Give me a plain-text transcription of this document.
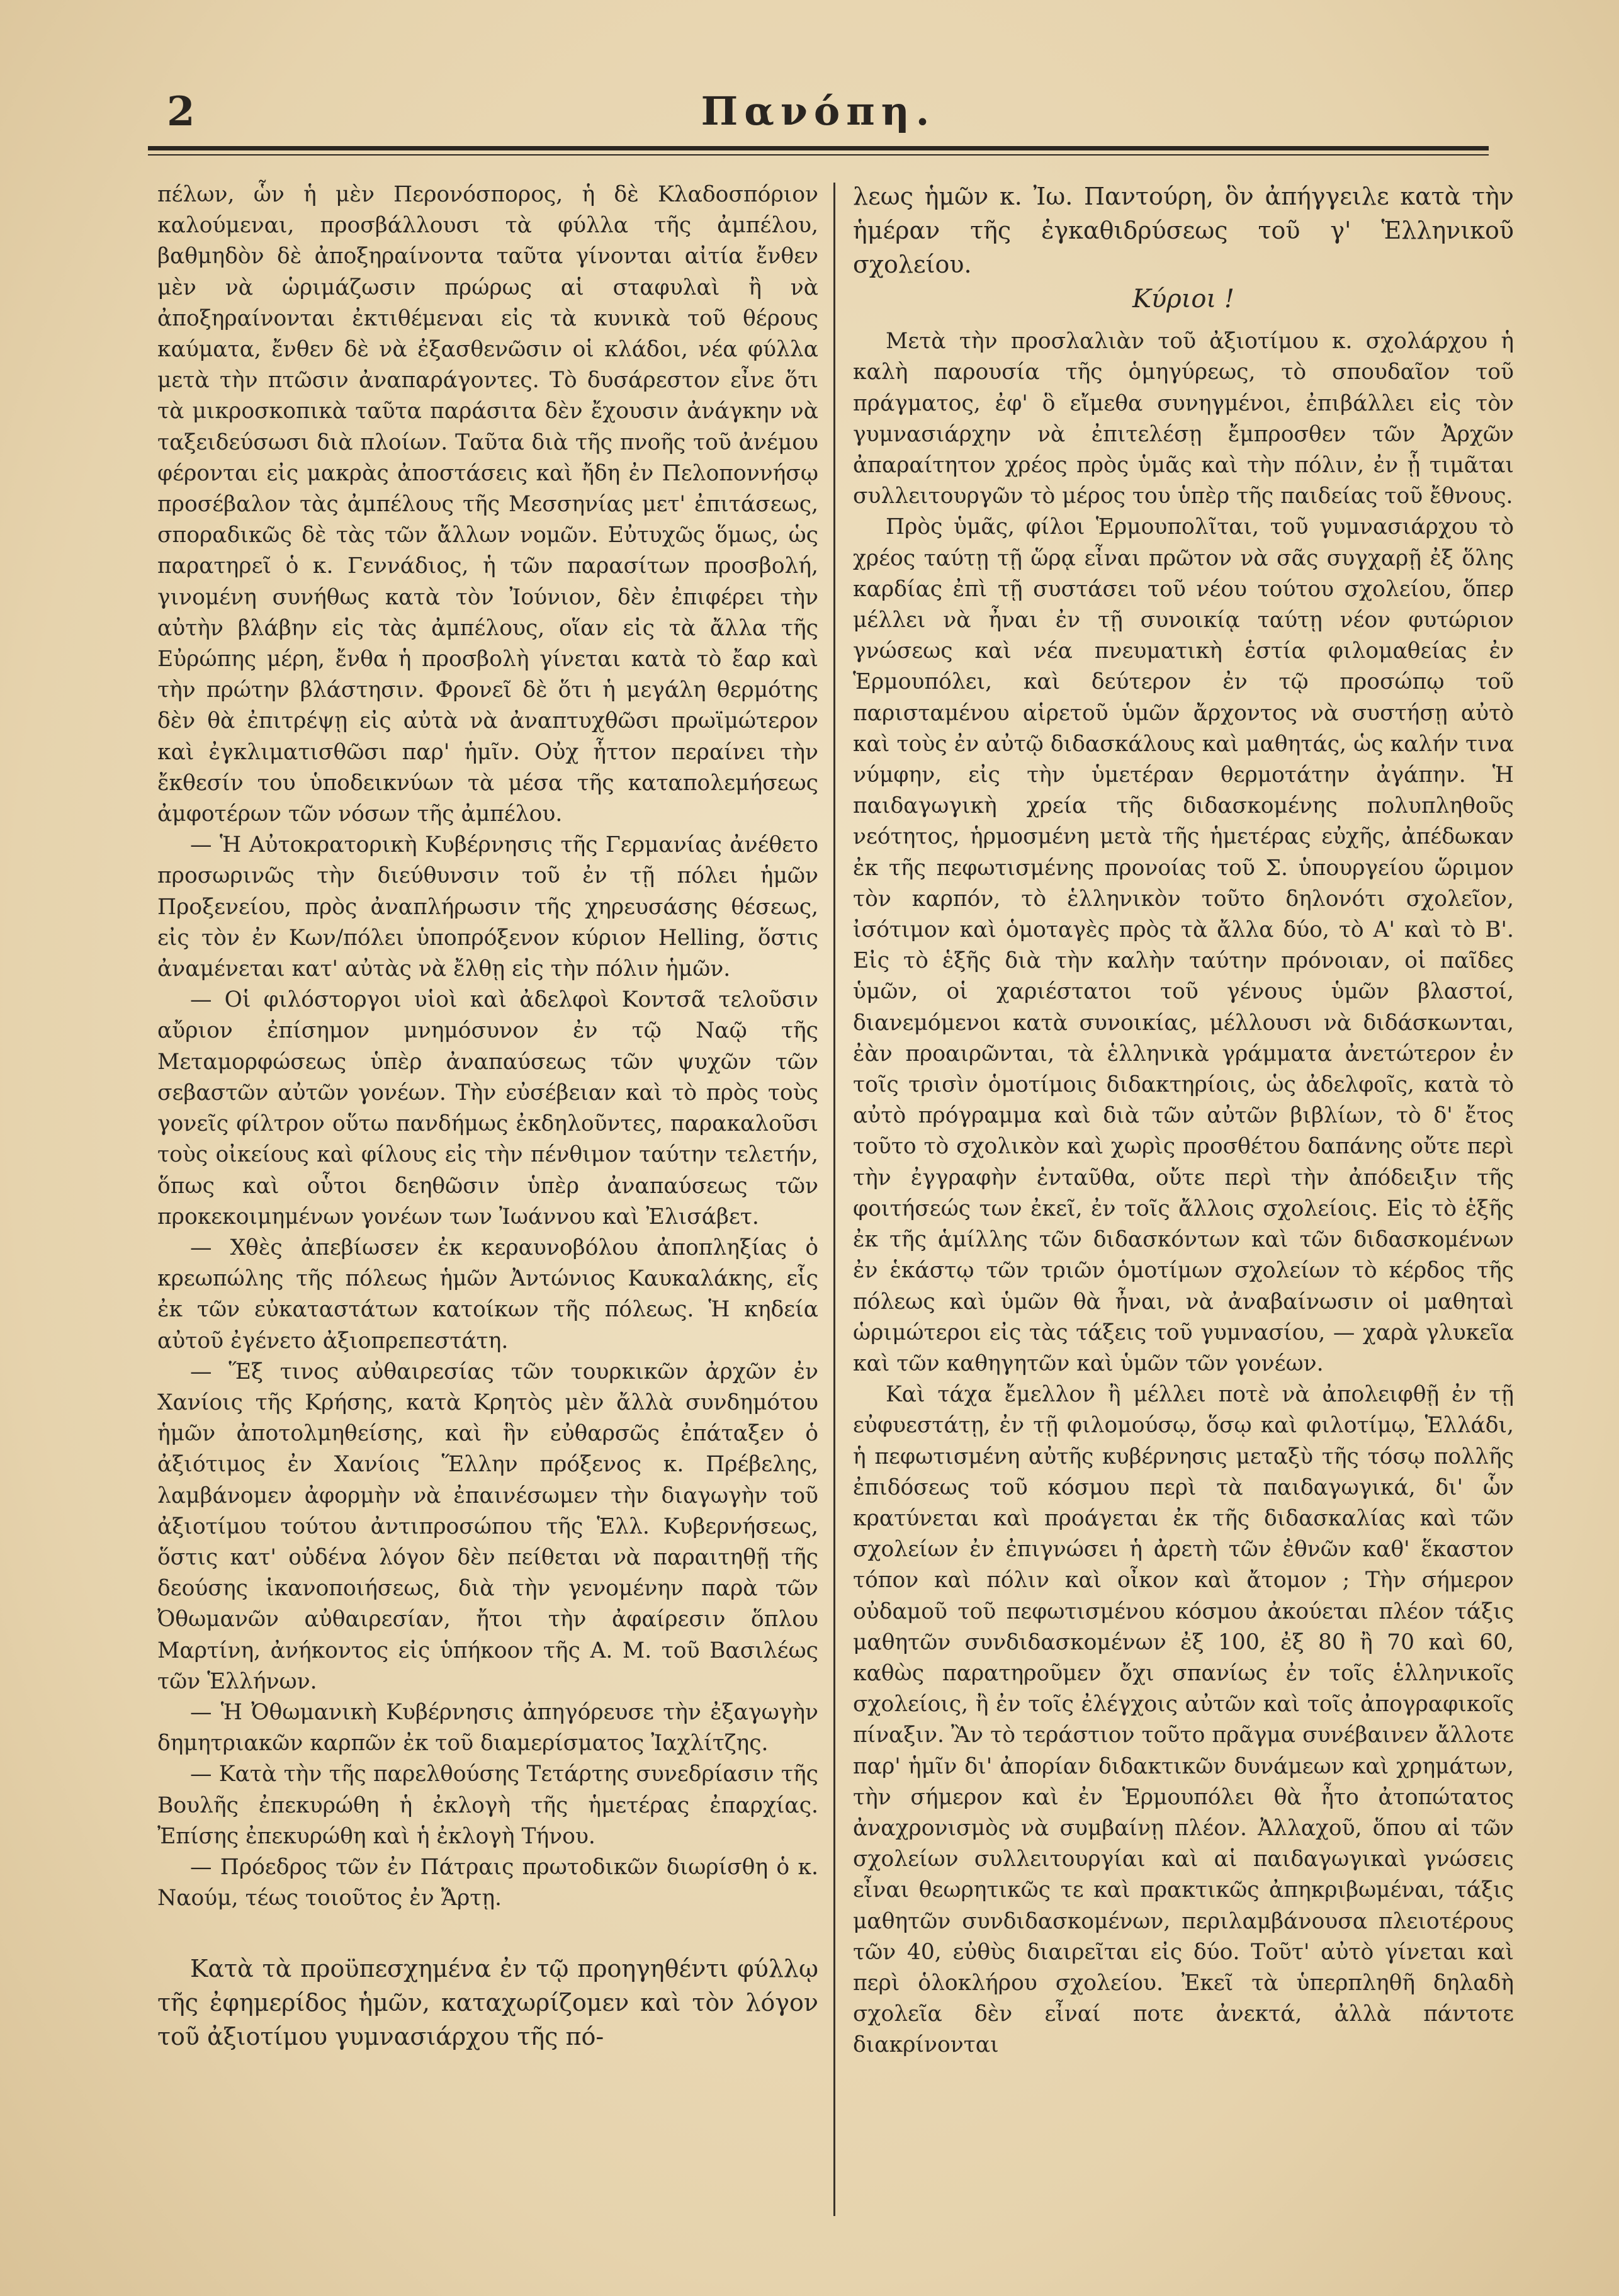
2	Πανόπη.

πέλων, ὧν ἡ μὲν Περονόσπορος, ἡ δὲ Κλαδοσπόριον καλούμεναι, προσβάλλουσι τὰ φύλλα τῆς ἀμπέλου, βαθμηδὸν δὲ ἀποξηραίνοντα ταῦτα γίνονται αἰτία ἔνθεν μὲν νὰ ὡριμάζωσιν πρώρως αἱ σταφυλαὶ ἢ νὰ ἀποξηραίνονται ἐκτιθέμεναι εἰς τὰ κυνικὰ τοῦ θέρους καύματα, ἔνθεν δὲ νὰ ἐξασθενῶσιν οἱ κλάδοι, νέα φύλλα μετὰ τὴν πτῶσιν ἀναπαράγοντες. Τὸ δυσάρεστον εἶνε ὅτι τὰ μικροσκοπικὰ ταῦτα παράσιτα δὲν ἔχουσιν ἀνάγκην νὰ ταξειδεύσωσι διὰ πλοίων. Ταῦτα διὰ τῆς πνοῆς τοῦ ἀνέμου φέρονται εἰς μακρὰς ἀποστάσεις καὶ ἤδη ἐν Πελοποννήσῳ προσέβαλον τὰς ἀμπέλους τῆς Μεσσηνίας μετ' ἐπιτάσεως, σποραδικῶς δὲ τὰς τῶν ἄλλων νομῶν. Εὐτυχῶς ὅμως, ὡς παρατηρεῖ ὁ κ. Γεννάδιος, ἡ τῶν παρασίτων προσβολή, γινομένη συνήθως κατὰ τὸν Ἰούνιον, δὲν ἐπιφέρει τὴν αὐτὴν βλάβην εἰς τὰς ἀμπέλους, οἵαν εἰς τὰ ἄλλα τῆς Εὐρώπης μέρη, ἔνθα ἡ προσβολὴ γίνεται κατὰ τὸ ἔαρ καὶ τὴν πρώτην βλάστησιν. Φρονεῖ δὲ ὅτι ἡ μεγάλη θερμότης δὲν θὰ ἐπιτρέψῃ εἰς αὐτὰ νὰ ἀναπτυχθῶσι πρωϊμώτερον καὶ ἐγκλιματισθῶσι παρ' ἡμῖν. Οὐχ ἧττον περαίνει τὴν ἔκθεσίν του ὑποδεικνύων τὰ μέσα τῆς καταπολεμήσεως ἀμφοτέρων τῶν νόσων τῆς ἀμπέλου.

— Ἡ Αὐτοκρατορικὴ Κυβέρνησις τῆς Γερμανίας ἀνέθετο προσωρινῶς τὴν διεύθυνσιν τοῦ ἐν τῇ πόλει ἡμῶν Προξενείου, πρὸς ἀναπλήρωσιν τῆς χηρευσάσης θέσεως, εἰς τὸν ἐν Κων/πόλει ὑποπρόξενον κύριον Helling, ὅστις ἀναμένεται κατ' αὐτὰς νὰ ἔλθῃ εἰς τὴν πόλιν ἡμῶν.

— Οἱ φιλόστοργοι υἱοὶ καὶ ἀδελφοὶ Κοντσᾶ τελοῦσιν αὔριον ἐπίσημον μνημόσυνον ἐν τῷ Ναῷ τῆς Μεταμορφώσεως ὑπὲρ ἀναπαύσεως τῶν ψυχῶν τῶν σεβαστῶν αὐτῶν γονέων. Τὴν εὐσέβειαν καὶ τὸ πρὸς τοὺς γονεῖς φίλτρον οὕτω πανδήμως ἐκδηλοῦντες, παρακαλοῦσι τοὺς οἰκείους καὶ φίλους εἰς τὴν πένθιμον ταύτην τελετήν, ὅπως καὶ οὗτοι δεηθῶσιν ὑπὲρ ἀναπαύσεως τῶν προκεκοιμημένων γονέων των Ἰωάννου καὶ Ἐλισάβετ.

— Χθὲς ἀπεβίωσεν ἐκ κεραυνοβόλου ἀποπληξίας ὁ κρεωπώλης τῆς πόλεως ἡμῶν Ἀντώνιος Καυκαλάκης, εἷς ἐκ τῶν εὐκαταστάτων κατοίκων τῆς πόλεως. Ἡ κηδεία αὐτοῦ ἐγένετο ἀξιοπρεπεστάτη.

— Ἕξ τινος αὐθαιρεσίας τῶν τουρκικῶν ἀρχῶν ἐν Χανίοις τῆς Κρήσης, κατὰ Κρητὸς μὲν ἄλλὰ συνδημότου ἡμῶν ἀποτολμηθείσης, καὶ ἣν εὐθαρσῶς ἐπάταξεν ὁ ἀξιότιμος ἐν Χανίοις Ἕλλην πρόξενος κ. Πρέβελης, λαμβάνομεν ἀφορμὴν νὰ ἐπαινέσωμεν τὴν διαγωγὴν τοῦ ἀξιοτίμου τούτου ἀντιπροσώπου τῆς Ἑλλ. Κυβερνήσεως, ὅστις κατ' οὐδένα λόγον δὲν πείθεται νὰ παραιτηθῇ τῆς δεούσης ἱκανοποιήσεως, διὰ τὴν γενομένην παρὰ τῶν Ὀθωμανῶν αὐθαιρεσίαν, ἤτοι τὴν ἀφαίρεσιν ὅπλου Μαρτίνη, ἀνήκοντος εἰς ὑπήκοον τῆς Α. Μ. τοῦ Βασιλέως τῶν Ἑλλήνων.

— Ἡ Ὀθωμανικὴ Κυβέρνησις ἀπηγόρευσε τὴν ἐξαγωγὴν δημητριακῶν καρπῶν ἐκ τοῦ διαμερίσματος Ἰαχλίτζης.

— Κατὰ τὴν τῆς παρελθούσης Τετάρτης συνεδρίασιν τῆς Βουλῆς ἐπεκυρώθη ἡ ἐκλογὴ τῆς ἡμετέρας ἐπαρχίας. Ἐπίσης ἐπεκυρώθη καὶ ἡ ἐκλογὴ Τήνου.

— Πρόεδρος τῶν ἐν Πάτραις πρωτοδικῶν διωρίσθη ὁ κ. Ναούμ, τέως τοιοῦτος ἐν Ἄρτῃ.

Κατὰ τὰ προϋπεσχημένα ἐν τῷ προηγηθέντι φύλλῳ τῆς ἐφημερίδος ἡμῶν, καταχωρίζομεν καὶ τὸν λόγον τοῦ ἀξιοτίμου γυμνασιάρχου τῆς πό-

λεως ἡμῶν κ. Ἰω. Παντούρη, ὃν ἀπήγγειλε κατὰ τὴν ἡμέραν τῆς ἐγκαθιδρύσεως τοῦ γ' Ἑλληνικοῦ σχολείου.

Κύριοι !

Μετὰ τὴν προσλαλιὰν τοῦ ἀξιοτίμου κ. σχολάρχου ἡ καλὴ παρουσία τῆς ὁμηγύρεως, τὸ σπουδαῖον τοῦ πράγματος, ἐφ' ὃ εἴμεθα συνηγμένοι, ἐπιβάλλει εἰς τὸν γυμνασιάρχην νὰ ἐπιτελέσῃ ἔμπροσθεν τῶν Ἀρχῶν ἀπαραίτητον χρέος πρὸς ὑμᾶς καὶ τὴν πόλιν, ἐν ᾗ τιμᾶται συλλειτουργῶν τὸ μέρος του ὑπὲρ τῆς παιδείας τοῦ ἔθνους.

Πρὸς ὑμᾶς, φίλοι Ἑρμουπολῖται, τοῦ γυμνασιάρχου τὸ χρέος ταύτῃ τῇ ὥρᾳ εἶναι πρῶτον νὰ σᾶς συγχαρῇ ἐξ ὅλης καρδίας ἐπὶ τῇ συστάσει τοῦ νέου τούτου σχολείου, ὅπερ μέλλει νὰ ἦναι ἐν τῇ συνοικίᾳ ταύτῃ νέον φυτώριον γνώσεως καὶ νέα πνευματικὴ ἑστία φιλομαθείας ἐν Ἑρμουπόλει, καὶ δεύτερον ἐν τῷ προσώπῳ τοῦ παρισταμένου αἱρετοῦ ὑμῶν ἄρχοντος νὰ συστήσῃ αὐτὸ καὶ τοὺς ἐν αὐτῷ διδασκάλους καὶ μαθητάς, ὡς καλήν τινα νύμφην, εἰς τὴν ὑμετέραν θερμοτάτην ἀγάπην. Ἡ παιδαγωγικὴ χρεία τῆς διδασκομένης πολυπληθοῦς νεότητος, ἡρμοσμένη μετὰ τῆς ἡμετέρας εὐχῆς, ἀπέδωκαν ἐκ τῆς πεφωτισμένης προνοίας τοῦ Σ. ὑπουργείου ὥριμον τὸν καρπόν, τὸ ἑλληνικὸν τοῦτο δηλονότι σχολεῖον, ἰσότιμον καὶ ὁμοταγὲς πρὸς τὰ ἄλλα δύο, τὸ Α' καὶ τὸ Β'. Εἰς τὸ ἑξῆς διὰ τὴν καλὴν ταύτην πρόνοιαν, οἱ παῖδες ὑμῶν, οἱ χαριέστατοι τοῦ γένους ὑμῶν βλαστοί, διανεμόμενοι κατὰ συνοικίας, μέλλουσι νὰ διδάσκωνται, ἐὰν προαιρῶνται, τὰ ἑλληνικὰ γράμματα ἀνετώτερον ἐν τοῖς τρισὶν ὁμοτίμοις διδακτηρίοις, ὡς ἀδελφοῖς, κατὰ τὸ αὐτὸ πρόγραμμα καὶ διὰ τῶν αὐτῶν βιβλίων, τὸ δ' ἔτος τοῦτο τὸ σχολικὸν καὶ χωρὶς προσθέτου δαπάνης οὔτε περὶ τὴν ἐγγραφὴν ἐνταῦθα, οὔτε περὶ τὴν ἀπόδειξιν τῆς φοιτήσεώς των ἐκεῖ, ἐν τοῖς ἄλλοις σχολείοις. Εἰς τὸ ἑξῆς ἐκ τῆς ἁμίλλης τῶν διδασκόντων καὶ τῶν διδασκομένων ἐν ἑκάστῳ τῶν τριῶν ὁμοτίμων σχολείων τὸ κέρδος τῆς πόλεως καὶ ὑμῶν θὰ ἦναι, νὰ ἀναβαίνωσιν οἱ μαθηταὶ ὡριμώτεροι εἰς τὰς τάξεις τοῦ γυμνασίου, — χαρὰ γλυκεῖα καὶ τῶν καθηγητῶν καὶ ὑμῶν τῶν γονέων.

Καὶ τάχα ἔμελλον ἢ μέλλει ποτὲ νὰ ἀπολειφθῇ ἐν τῇ εὐφυεστάτῃ, ἐν τῇ φιλομούσῳ, ὅσῳ καὶ φιλοτίμῳ, Ἑλλάδι, ἡ πεφωτισμένη αὐτῆς κυβέρνησις μεταξὺ τῆς τόσῳ πολλῆς ἐπιδόσεως τοῦ κόσμου περὶ τὰ παιδαγωγικά, δι' ὧν κρατύνεται καὶ προάγεται ἐκ τῆς διδασκαλίας καὶ τῶν σχολείων ἐν ἐπιγνώσει ἡ ἀρετὴ τῶν ἐθνῶν καθ' ἕκαστον τόπον καὶ πόλιν καὶ οἶκον καὶ ἄτομον ; Τὴν σήμερον οὐδαμοῦ τοῦ πεφωτισμένου κόσμου ἀκούεται πλέον τάξις μαθητῶν συνδιδασκομένων ἐξ 100, ἐξ 80 ἢ 70 καὶ 60, καθὼς παρατηροῦμεν ὄχι σπανίως ἐν τοῖς ἑλληνικοῖς σχολείοις, ἢ ἐν τοῖς ἐλέγχοις αὐτῶν καὶ τοῖς ἀπογραφικοῖς πίναξιν. Ἂν τὸ τεράστιον τοῦτο πρᾶγμα συνέβαινεν ἄλλοτε παρ' ἡμῖν δι' ἀπορίαν διδακτικῶν δυνάμεων καὶ χρημάτων, τὴν σήμερον καὶ ἐν Ἑρμουπόλει θὰ ἦτο ἀτοπώτατος ἀναχρονισμὸς νὰ συμβαίνῃ πλέον. Ἀλλαχοῦ, ὅπου αἱ τῶν σχολείων συλλειτουργίαι καὶ αἱ παιδαγωγικαὶ γνώσεις εἶναι θεωρητικῶς τε καὶ πρακτικῶς ἀπηκριβωμέναι, τάξις μαθητῶν συνδιδασκομένων, περιλαμβάνουσα πλειοτέρους τῶν 40, εὐθὺς διαιρεῖται εἰς δύο. Τοῦτ' αὐτὸ γίνεται καὶ περὶ ὁλοκλήρου σχολείου. Ἐκεῖ τὰ ὑπερπληθῆ δηλαδὴ σχολεῖα δὲν εἶναί ποτε ἀνεκτά, ἀλλὰ πάντοτε διακρίνονται
